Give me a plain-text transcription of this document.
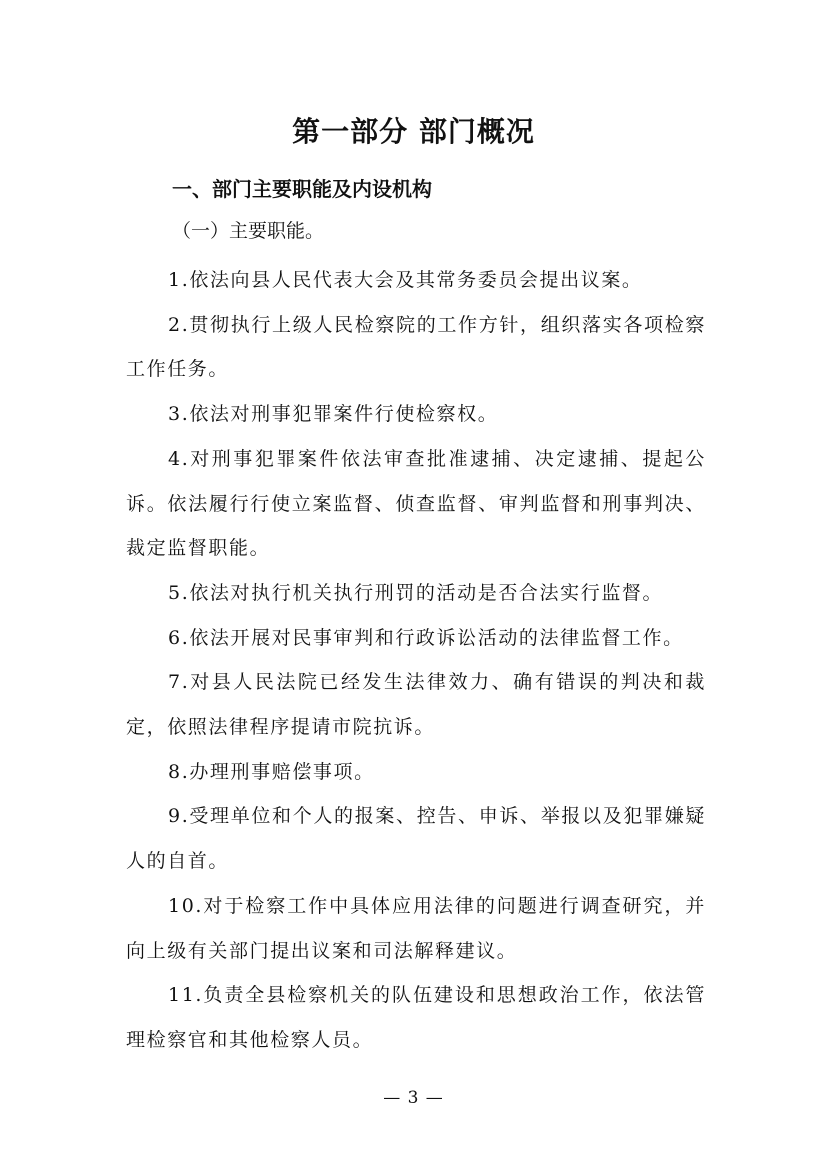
第一部分 部门概况
一、部门主要职能及内设机构
（一）主要职能。

1.依法向县人民代表大会及其常务委员会提出议案。

2.贯彻执行上级人民检察院的工作方针，组织落实各项检察工作任务。

3.依法对刑事犯罪案件行使检察权。

4.对刑事犯罪案件依法审查批准逮捕、决定逮捕、提起公诉。依法履行行使立案监督、侦查监督、审判监督和刑事判决、裁定监督职能。

5.依法对执行机关执行刑罚的活动是否合法实行监督。

6.依法开展对民事审判和行政诉讼活动的法律监督工作。

7.对县人民法院已经发生法律效力、确有错误的判决和裁定，依照法律程序提请市院抗诉。

8.办理刑事赔偿事项。

9.受理单位和个人的报案、控告、申诉、举报以及犯罪嫌疑人的自首。

10.对于检察工作中具体应用法律的问题进行调查研究，并向上级有关部门提出议案和司法解释建议。

11.负责全县检察机关的队伍建设和思想政治工作，依法管理检察官和其他检察人员。

— 3 —
